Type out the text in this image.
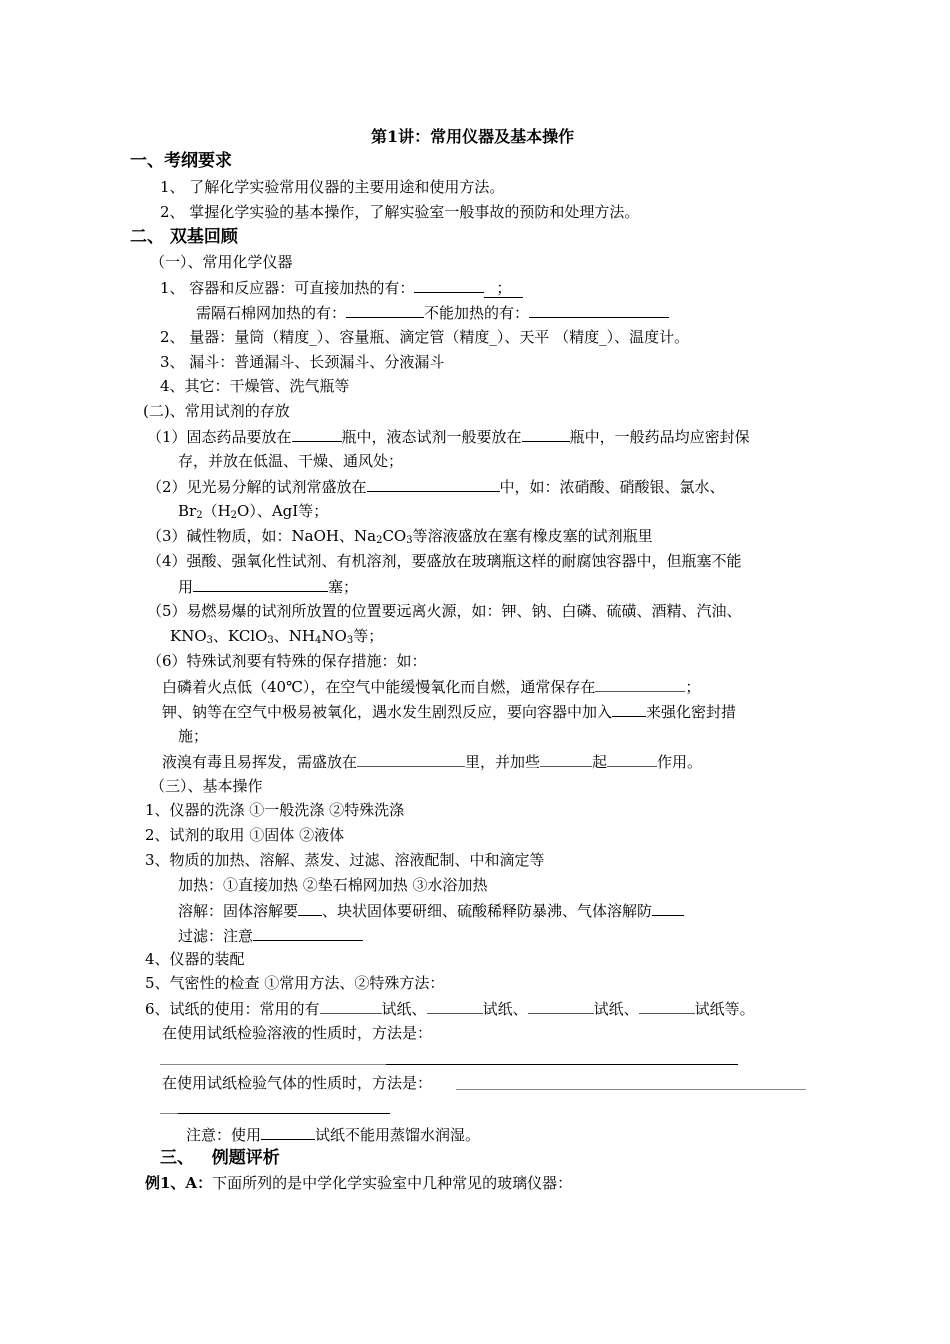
第1讲：常用仪器及基本操作
一、考纲要求
1、 了解化学实验常用仪器的主要用途和使用方法。
2、 掌握化学实验的基本操作，了解实验室一般事故的预防和处理方法。
二、 双基回顾
（一）、常用化学仪器
1、 容器和反应器：可直接加热的有：	；
需隔石棉网加热的有：	不能加热的有：
2、 量器：量筒（精度_）、容量瓶、滴定管（精度_）、天平 （精度_）、温度计。
3、 漏斗：普通漏斗、长颈漏斗、分液漏斗
4、其它：干燥管、洗气瓶等
(二)、常用试剂的存放
（1）固态药品要放在	瓶中，液态试剂一般要放在	瓶中，一般药品均应密封保
存，并放在低温、干燥、通风处；
（2）见光易分解的试剂常盛放在	中，如：浓硝酸、硝酸银、氯水、
$Br_2(H_2O)$、AgI等；
（3）碱性物质，如：NaOH、$Na_2CO_3$等溶液盛放在塞有橡皮塞的试剂瓶里
（4）强酸、强氧化性试剂、有机溶剂，要盛放在玻璃瓶这样的耐腐蚀容器中，但瓶塞不能
用	塞；
（5）易燃易爆的试剂所放置的位置要远离火源，如：钾、钠、白磷、硫磺、酒精、汽油、
$KNO_3$、KClO$_3$、$NH_4NO_3$等；
（6）特殊试剂要有特殊的保存措施：如：
白磷着火点低（40℃），在空气中能缓慢氧化而自燃，通常保存在	；
钾、钠等在空气中极易被氧化，遇水发生剧烈反应，要向容器中加入 来强化密封措
施；
液溴有毒且易挥发，需盛放在	里，并加些	起	作用。
（三）、基本操作
1、仪器的洗涤 ①一般洗涤 ②特殊洗涤
2、试剂的取用 ①固体 ②液体
3、物质的加热、溶解、蒸发、过滤、溶液配制、中和滴定等
加热：①直接加热 ②垫石棉网加热 ③水浴加热
溶解：固体溶解要 、块状固体要研细、硫酸稀释防暴沸、气体溶解防
过滤：注意
4、仪器的装配
5、气密性的检查 ①常用方法、②特殊方法：
6、试纸的使用：常用的有	试纸、	试纸、	试纸、	试纸等。
在使用试纸检验溶液的性质时，方法是：
在使用试纸检验气体的性质时，方法是：
注意：使用	试纸不能用蒸馏水润湿。
三、   例题评析
例1、A：下面所列的是中学化学实验室中几种常见的玻璃仪器：
